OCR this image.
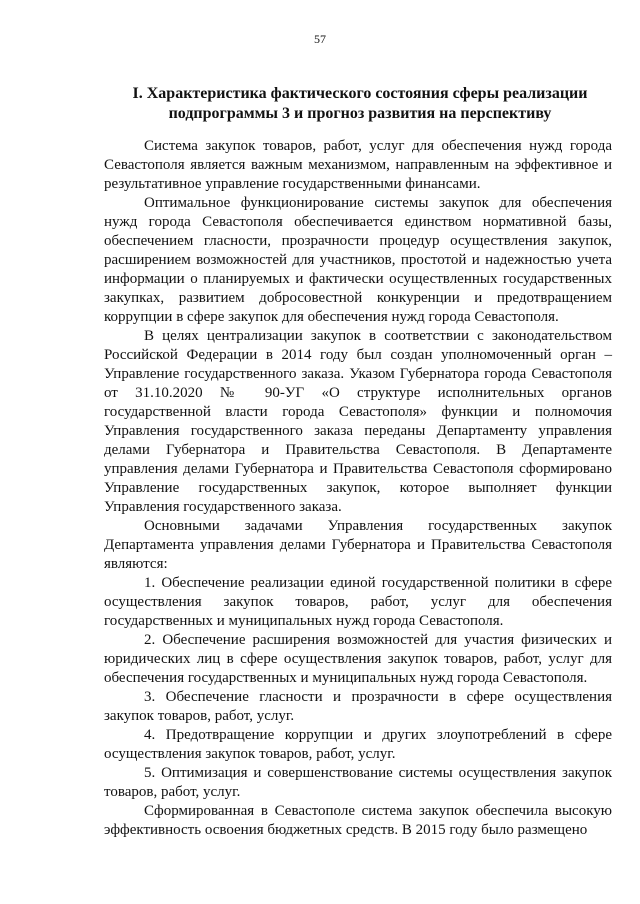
57
I. Характеристика фактического состояния сферы реализации подпрограммы 3 и прогноз развития на перспективу

Система закупок товаров, работ, услуг для обеспечения нужд города Севастополя является важным механизмом, направленным на эффективное и результативное управление государственными финансами.

Оптимальное функционирование системы закупок для обеспечения нужд города Севастополя обеспечивается единством нормативной базы, обеспечением гласности, прозрачности процедур осуществления закупок, расширением возможностей для участников, простотой и надежностью учета информации о планируемых и фактически осуществленных государственных закупках, развитием добросовестной конкуренции и предотвращением коррупции в сфере закупок для обеспечения нужд города Севастополя.

В целях централизации закупок в соответствии с законодательством Российской Федерации в 2014 году был создан уполномоченный орган – Управление государственного заказа. Указом Губернатора города Севастополя от 31.10.2020 № 90-УГ «О структуре исполнительных органов государственной власти города Севастополя» функции и полномочия Управления государственного заказа переданы Департаменту управления делами Губернатора и Правительства Севастополя. В Департаменте управления делами Губернатора и Правительства Севастополя сформировано Управление государственных закупок, которое выполняет функции Управления государственного заказа.

Основными задачами Управления государственных закупок Департамента управления делами Губернатора и Правительства Севастополя являются:

1. Обеспечение реализации единой государственной политики в сфере осуществления закупок товаров, работ, услуг для обеспечения государственных и муниципальных нужд города Севастополя.

2. Обеспечение расширения возможностей для участия физических и юридических лиц в сфере осуществления закупок товаров, работ, услуг для обеспечения государственных и муниципальных нужд города Севастополя.

3. Обеспечение гласности и прозрачности в сфере осуществления закупок товаров, работ, услуг.

4. Предотвращение коррупции и других злоупотреблений в сфере осуществления закупок товаров, работ, услуг.

5. Оптимизация и совершенствование системы осуществления закупок товаров, работ, услуг.

Сформированная в Севастополе система закупок обеспечила высокую эффективность освоения бюджетных средств. В 2015 году было размещено
